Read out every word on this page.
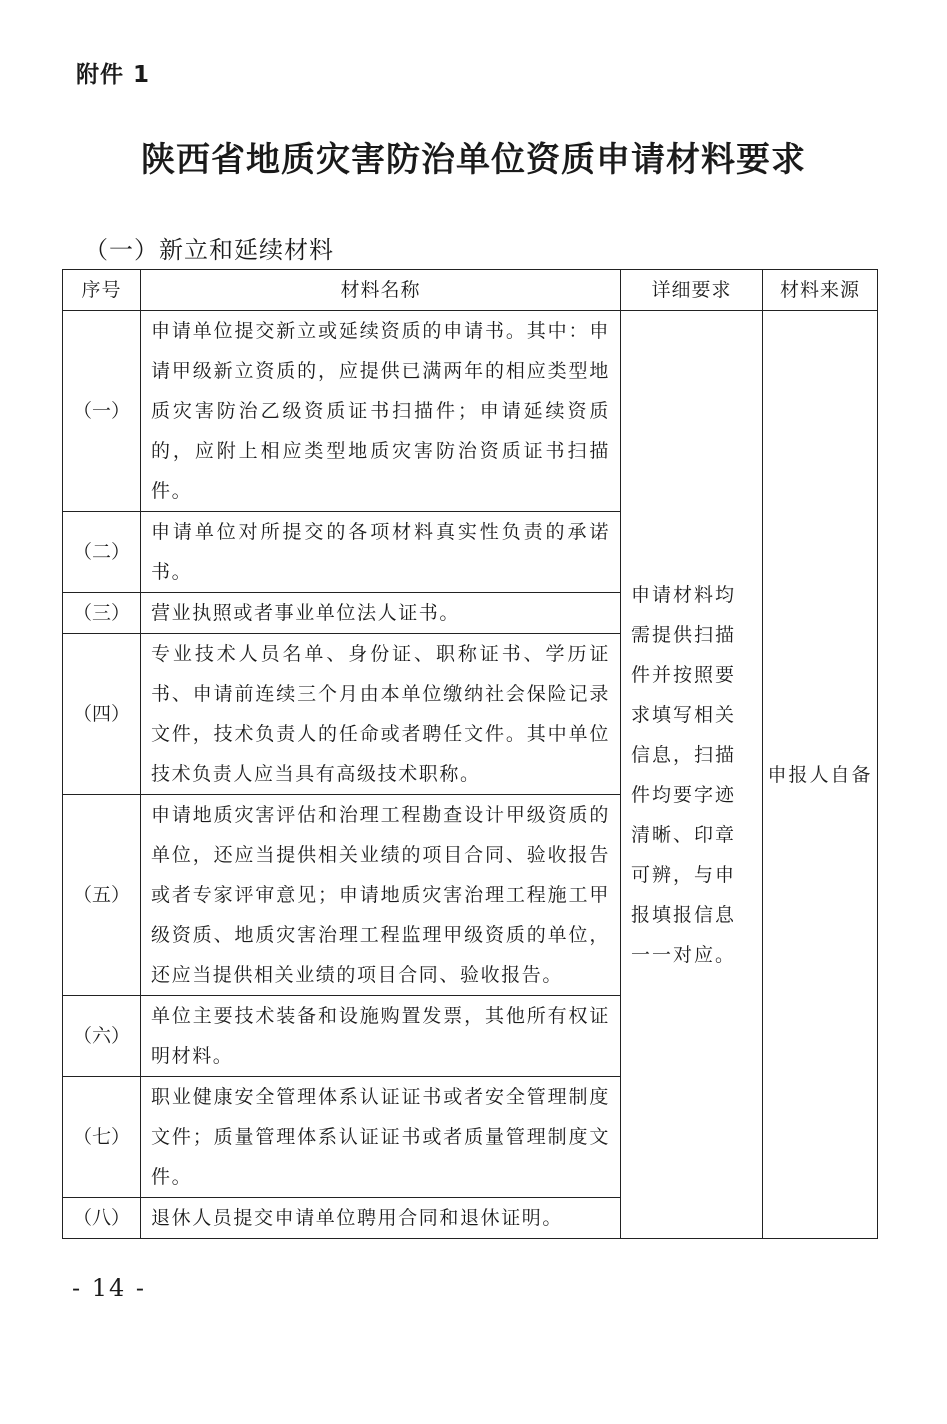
附件 1
陕西省地质灾害防治单位资质申请材料要求
（一）新立和延续材料
序号	材料名称	详细要求	材料来源
（一）	申请单位提交新立或延续资质的申请书。其中：申请甲级新立资质的，应提供已满两年的相应类型地质灾害防治乙级资质证书扫描件；申请延续资质的，应附上相应类型地质灾害防治资质证书扫描件。	申请材料均需提供扫描件并按照要求填写相关信息，扫描件均要字迹清晰、印章可辨，与申报填报信息一一对应。	申报人自备
（二）	申请单位对所提交的各项材料真实性负责的承诺书。		
（三）	营业执照或者事业单位法人证书。		
（四）	专业技术人员名单、身份证、职称证书、学历证书、申请前连续三个月由本单位缴纳社会保险记录文件，技术负责人的任命或者聘任文件。其中单位技术负责人应当具有高级技术职称。		
（五）	申请地质灾害评估和治理工程勘查设计甲级资质的单位，还应当提供相关业绩的项目合同、验收报告或者专家评审意见；申请地质灾害治理工程施工甲级资质、地质灾害治理工程监理甲级资质的单位，还应当提供相关业绩的项目合同、验收报告。		
（六）	单位主要技术装备和设施购置发票，其他所有权证明材料。		
（七）	职业健康安全管理体系认证证书或者安全管理制度文件；质量管理体系认证证书或者质量管理制度文件。		
（八）	退休人员提交申请单位聘用合同和退休证明。		
- 14 -
